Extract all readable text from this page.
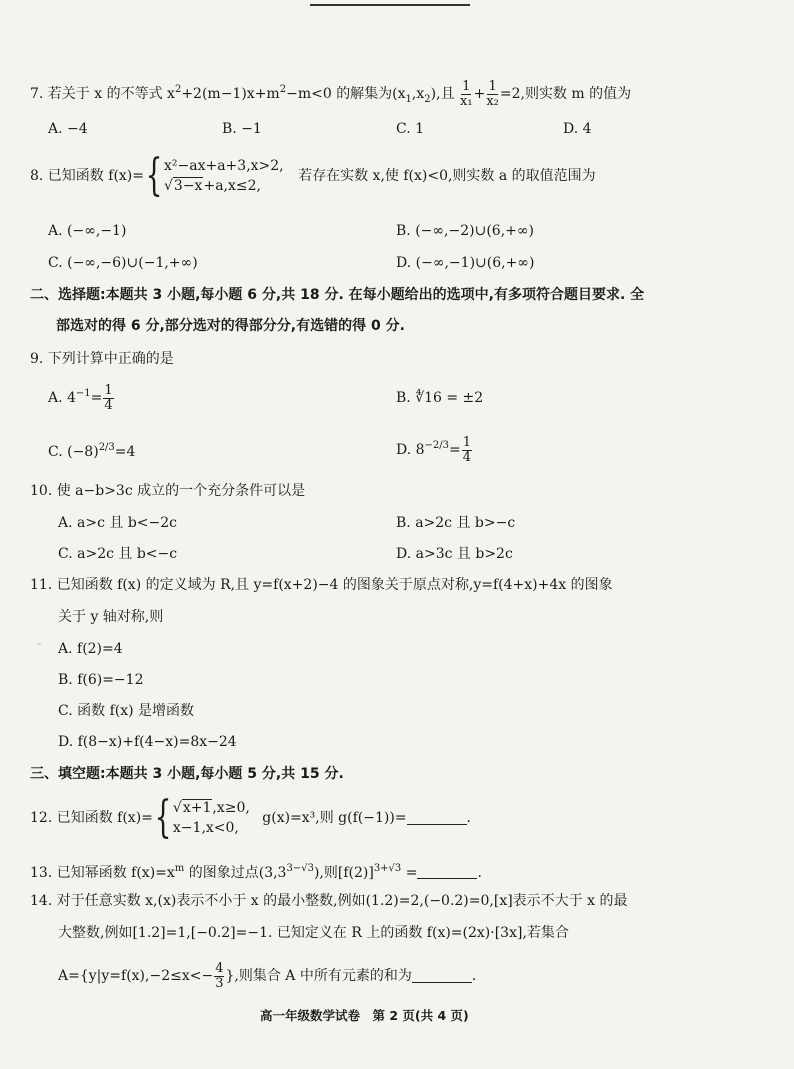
7. 若关于 x 的不等式 $x^2+2(m-1)x+m^2-m<0$ 的解集为$(x_1,x_2)$,且 $\frac{1}{\text{x₁}} + \frac{1}{\text{x₂}} =2$,则实数 m 的值为
A. −4	B. −1	C. 1	D. 4
8. 已知函数 f(x)={ x²−ax+a+3,x>2,
√3−x+a,x≤2,
若存在实数 x,使 f(x)<0,则实数 a 的取值范围为
A. (−∞,−1)	B. (−∞,−2)∪(6,+∞)
C. (−∞,−6)∪(−1,+∞)	D. (−∞,−1)∪(6,+∞)
二、选择题:本题共 3 小题,每小题 6 分,共 18 分. 在每小题给出的选项中,有多项符合题目要求. 全
部选对的得 6 分,部分选对的得部分分,有选错的得 0 分.
9. 下列计算中正确的是
A. $4^{-1}= \frac{1}{4}$	B. ∜16 = ±2
C. $(-8)^{2/3}=4$	D. $8^{-2/3}= \frac{1}{4}$
10. 使 a−b>3c 成立的一个充分条件可以是
A. a>c 且 b<−2c	B. a>2c 且 b>−c
C. a>2c 且 b<−c	D. a>3c 且 b>2c
11. 已知函数 f(x) 的定义域为 R,且 y=f(x+2)−4 的图象关于原点对称,y=f(4+x)+4x 的图象
关于 y 轴对称,则
˜	A. f(2)=4
B. f(6)=−12
C. 函数 f(x) 是增函数
D. f(8−x)+f(4−x)=8x−24
三、填空题:本题共 3 小题,每小题 5 分,共 15 分.
12. 已知函数 f(x)={ √x+1,x≥0,
x−1,x<0,
g(x)=x³,则 g(f(−1))=	.
13. 已知幂函数 $f(x)=x^m$ 的图象过点$(3,3^{3-√3})$,则$[f(2)]^{3+√3}$ =	.
14. 对于任意实数 x,(x)表示不小于 x 的最小整数,例如(1.2)=2,(−0.2)=0,[x]表示不大于 x 的最
大整数,例如[1.2]=1,[−0.2]=−1. 已知定义在 R 上的函数 f(x)=(2x)·[3x],若集合
$A=\{y|y=f(x),-2\le x<- \frac{4}{3}$ },则集合 A 中所有元素的和为	.
高一年级数学试卷　第 2 页(共 4 页)
